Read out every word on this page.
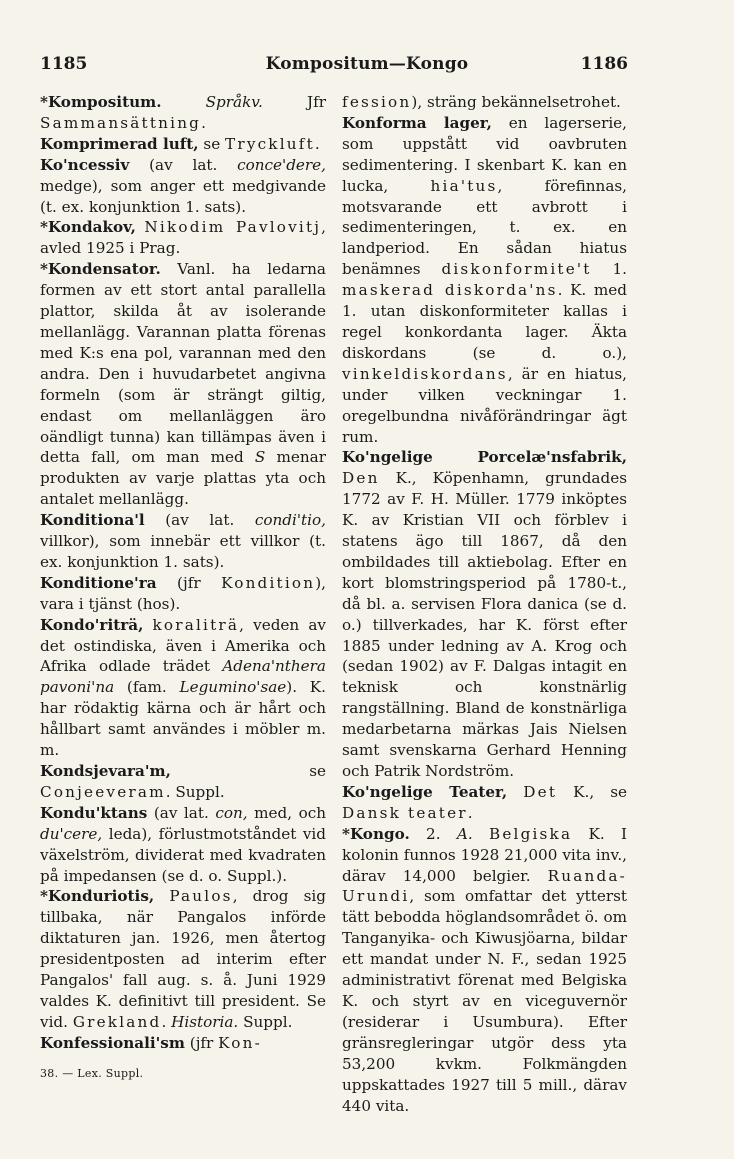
1185	Kompositum—Kongo	1186
*Kompositum.	Språkv. Jfr Sammansättning.
Komprimerad luft, se Tryckluft.
Ko'ncessiv (av lat. conce'dere, medge), som anger ett medgivande (t. ex. konjunktion 1. sats).
*Kondakov, Nikodim Pavlovitj, avled 1925 i Prag.
*Kondensator. Vanl. ha ledarna formen av ett stort antal parallella plattor, skilda åt av isolerande mellanlägg. Varannan platta förenas med K:s ena pol, varannan med den andra. Den i huvudarbetet angivna formeln (som är strängt giltig, endast om mellanläggen äro oändligt tunna) kan tillämpas även i detta fall, om man med S menar produkten av varje plattas yta och antalet mellanlägg.
Konditiona'l (av lat. condi'tio, villkor), som innebär ett villkor (t. ex. konjunktion 1. sats).
Konditione'ra (jfr Kondition), vara i tjänst (hos).
Kondo'riträ, koraliträ, veden av det ostindiska, även i Amerika och Afrika odlade trädet Adena'nthera pavoni'na (fam. Legumino'sae). K. har rödaktig kärna och är hårt och hållbart samt användes i möbler m. m.
Kondsjevara'm, se Conjeeveram. Suppl.
Kondu'ktans (av lat. con, med, och du'cere, leda), förlustmotståndet vid växelström, dividerat med kvadraten på impedansen (se d. o. Suppl.).
*Konduriotis, Paulos, drog sig tillbaka, när Pangalos införde diktaturen jan. 1926, men återtog presidentposten ad interim efter Pangalos' fall aug. s. å. Juni 1929 valdes K. definitivt till president. Se vid. Grekland. Historia. Suppl.
Konfessionali'sm (jfr Kon-
fession), sträng bekännelsetrohet.
Konforma lager, en lagerserie, som uppstått vid oavbruten sedimentering. I skenbart K. kan en lucka, hia'tus, förefinnas, motsvarande ett avbrott i sedimenteringen, t. ex. en landperiod. En sådan hiatus benämnes diskonformite't 1. maskerad diskorda'ns. K. med 1. utan diskonformiteter kallas i regel konkordanta lager. Äkta diskordans (se d. o.), vinkeldiskordans, är en hiatus, under vilken veckningar 1. oregelbundna nivåförändringar ägt rum.
Ko'ngelige Porcelæ'nsfabrik, Den K., Köpenhamn, grundades 1772 av F. H. Müller. 1779 inköptes K. av Kristian VII och förblev i statens ägo till 1867, då den ombildades till aktiebolag. Efter en kort blomstringsperiod på 1780-t., då bl. a. servisen Flora danica (se d. o.) tillverkades, har K. först efter 1885 under ledning av A. Krog och (sedan 1902) av F. Dalgas intagit en teknisk och konstnärlig rangställning. Bland de konstnärliga medarbetarna märkas Jais Nielsen samt svenskarna Gerhard Henning och Patrik Nordström.
Ko'ngelige Teater, Det K., se Dansk teater.
*Kongo. 2. A. Belgiska K. I kolonin funnos 1928 21,000 vita inv., därav 14,000 belgier. Ruanda-Urundi, som omfattar det ytterst tätt bebodda höglandsområdet ö. om Tanganyika- och Kiwusjöarna, bildar ett mandat under N. F., sedan 1925 administrativt förenat med Belgiska K. och styrt av en viceguvernör (residerar i Usumbura). Efter gränsregleringar utgör dess yta 53,200 kvkm. Folkmängden uppskattades 1927 till 5 mill., därav 440 vita.
38. — Lex. Suppl.
